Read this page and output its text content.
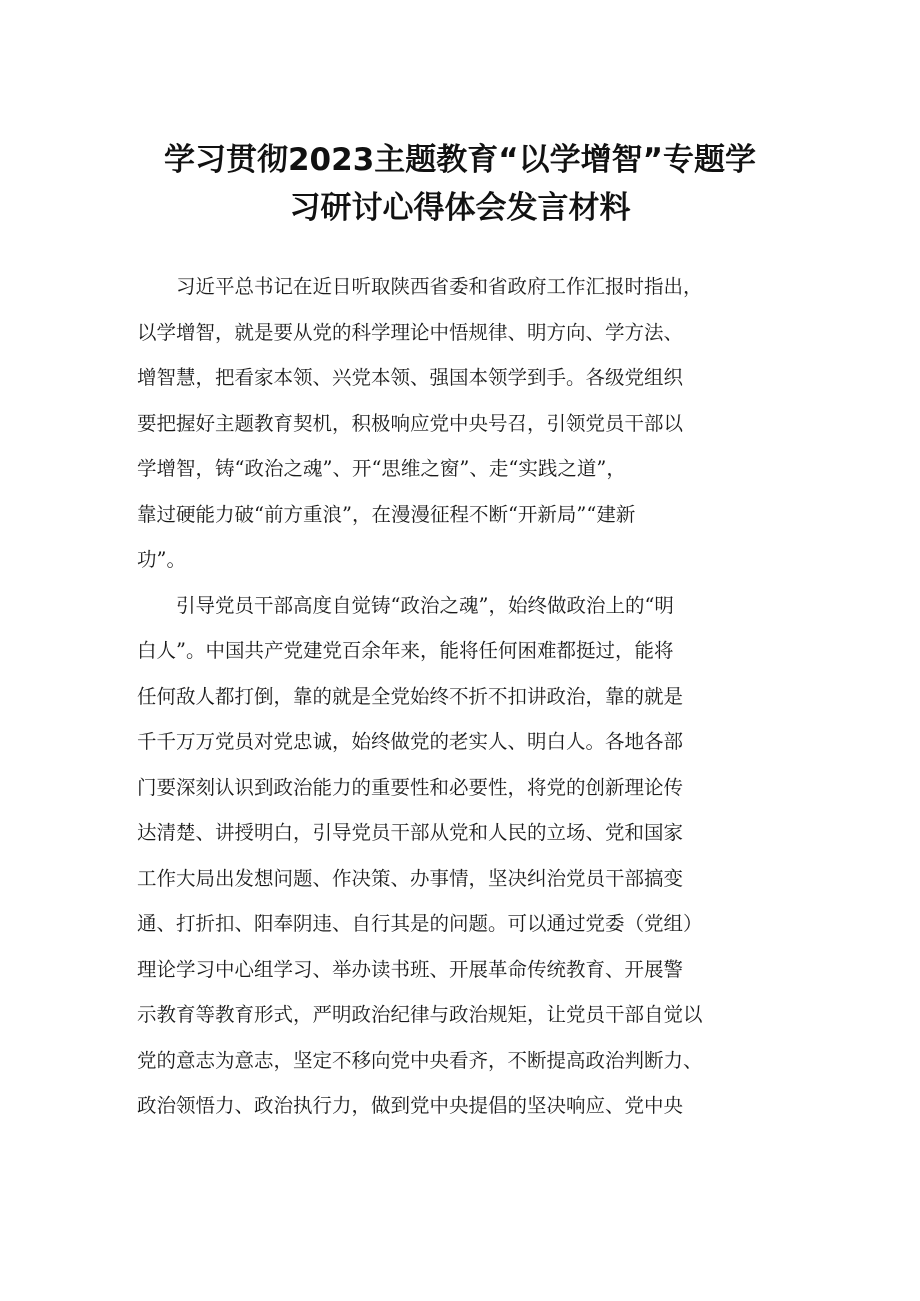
学习贯彻2023主题教育“以学增智”专题学
习研讨心得体会发言材料
　　习近平总书记在近日听取陕西省委和省政府工作汇报时指出，
以学增智，就是要从党的科学理论中悟规律、明方向、学方法、
增智慧，把看家本领、兴党本领、强国本领学到手。各级党组织
要把握好主题教育契机，积极响应党中央号召，引领党员干部以
学增智，铸“政治之魂”、开“思维之窗”、走“实践之道”，
靠过硬能力破“前方重浪”，在漫漫征程不断“开新局”“建新
功”。
　　引导党员干部高度自觉铸“政治之魂”，始终做政治上的“明
白人”。中国共产党建党百余年来，能将任何困难都挺过，能将
任何敌人都打倒，靠的就是全党始终不折不扣讲政治，靠的就是
千千万万党员对党忠诚，始终做党的老实人、明白人。各地各部
门要深刻认识到政治能力的重要性和必要性，将党的创新理论传
达清楚、讲授明白，引导党员干部从党和人民的立场、党和国家
工作大局出发想问题、作决策、办事情，坚决纠治党员干部搞变
通、打折扣、阳奉阴违、自行其是的问题。可以通过党委（党组）
理论学习中心组学习、举办读书班、开展革命传统教育、开展警
示教育等教育形式，严明政治纪律与政治规矩，让党员干部自觉以
党的意志为意志，坚定不移向党中央看齐，不断提高政治判断力、
政治领悟力、政治执行力，做到党中央提倡的坚决响应、党中央
